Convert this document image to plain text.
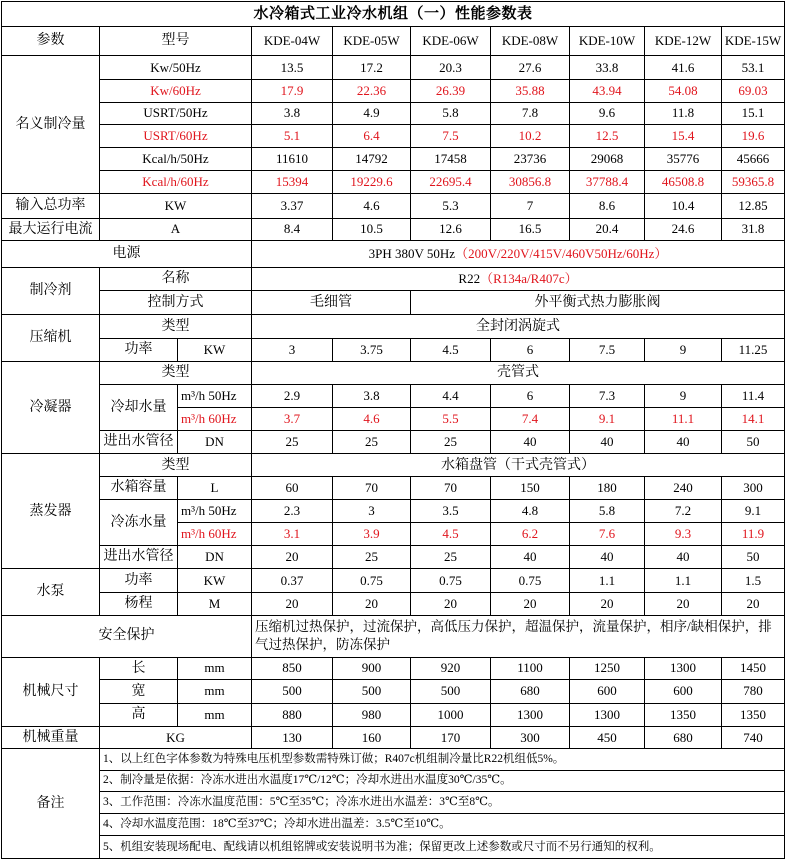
水冷箱式工业冷水机组（一）性能参数表									
参数	型号		KDE-04W	KDE-05W	KDE-06W	KDE-08W	KDE-10W	KDE-12W	KDE-15W
名义制冷量	Kw/50Hz		13.5	17.2	20.3	27.6	33.8	41.6	53.1
	Kw/60Hz		17.9	22.36	26.39	35.88	43.94	54.08	69.03
	USRT/50Hz		3.8	4.9	5.8	7.8	9.6	11.8	15.1
	USRT/60Hz		5.1	6.4	7.5	10.2	12.5	15.4	19.6
	Kcal/h/50Hz		11610	14792	17458	23736	29068	35776	45666
	Kcal/h/60Hz		15394	19229.6	22695.4	30856.8	37788.4	46508.8	59365.8
输入总功率	KW		3.37	4.6	5.3	7	8.6	10.4	12.85
最大运行电流	A		8.4	10.5	12.6	16.5	20.4	24.6	31.8
电源			3PH 380V 50Hz（200V/220V/415V/460V50Hz/60Hz）						
制冷剂	名称		R22（R134a/R407c）						
	控制方式		毛细管		外平衡式热力膨胀阀				
压缩机	类型		全封闭涡旋式						
	功率	KW	3	3.75	4.5	6	7.5	9	11.25
冷凝器	类型		壳管式						
	冷却水量	m³/h 50Hz	2.9	3.8	4.4	6	7.3	9	11.4
		m³/h 60Hz	3.7	4.6	5.5	7.4	9.1	11.1	14.1
	进出水管径	DN	25	25	25	40	40	40	50
蒸发器	类型		水箱盘管（干式壳管式）						
	水箱容量	L	60	70	70	150	180	240	300
	冷冻水量	m³/h 50Hz	2.3	3	3.5	4.8	5.8	7.2	9.1
		m³/h 60Hz	3.1	3.9	4.5	6.2	7.6	9.3	11.9
	进出水管径	DN	20	25	25	40	40	40	50
水泵	功率	KW	0.37	0.75	0.75	0.75	1.1	1.1	1.5
	杨程	M	20	20	20	20	20	20	20
安全保护			压缩机过热保护，过流保护，高低压力保护，超温保护，流量保护，相序/缺相保护，排气过热保护，防冻保护						
机械尺寸	长	mm	850	900	920	1100	1250	1300	1450
	宽	mm	500	500	500	680	600	600	780
	高	mm	880	980	1000	1300	1300	1350	1350
机械重量	KG		130	160	170	300	450	680	740
备注	1、以上红色字体参数为特殊电压机型参数需特殊订做；R407c机组制冷量比R22机组低5%。								
	2、制冷量是依据：冷冻水进出水温度17℃/12℃；冷却水进出水温度30℃/35℃。								
	3、工作范围：冷冻水温度范围：5℃至35℃；冷冻水进出水温差：3℃至8℃。								
	4、冷却水温度范围：18℃至37℃；冷却水进出温差：3.5℃至10℃。								
	5、机组安装现场配电、配线请以机组铭牌或安装说明书为准；保留更改上述参数或尺寸而不另行通知的权利。								
